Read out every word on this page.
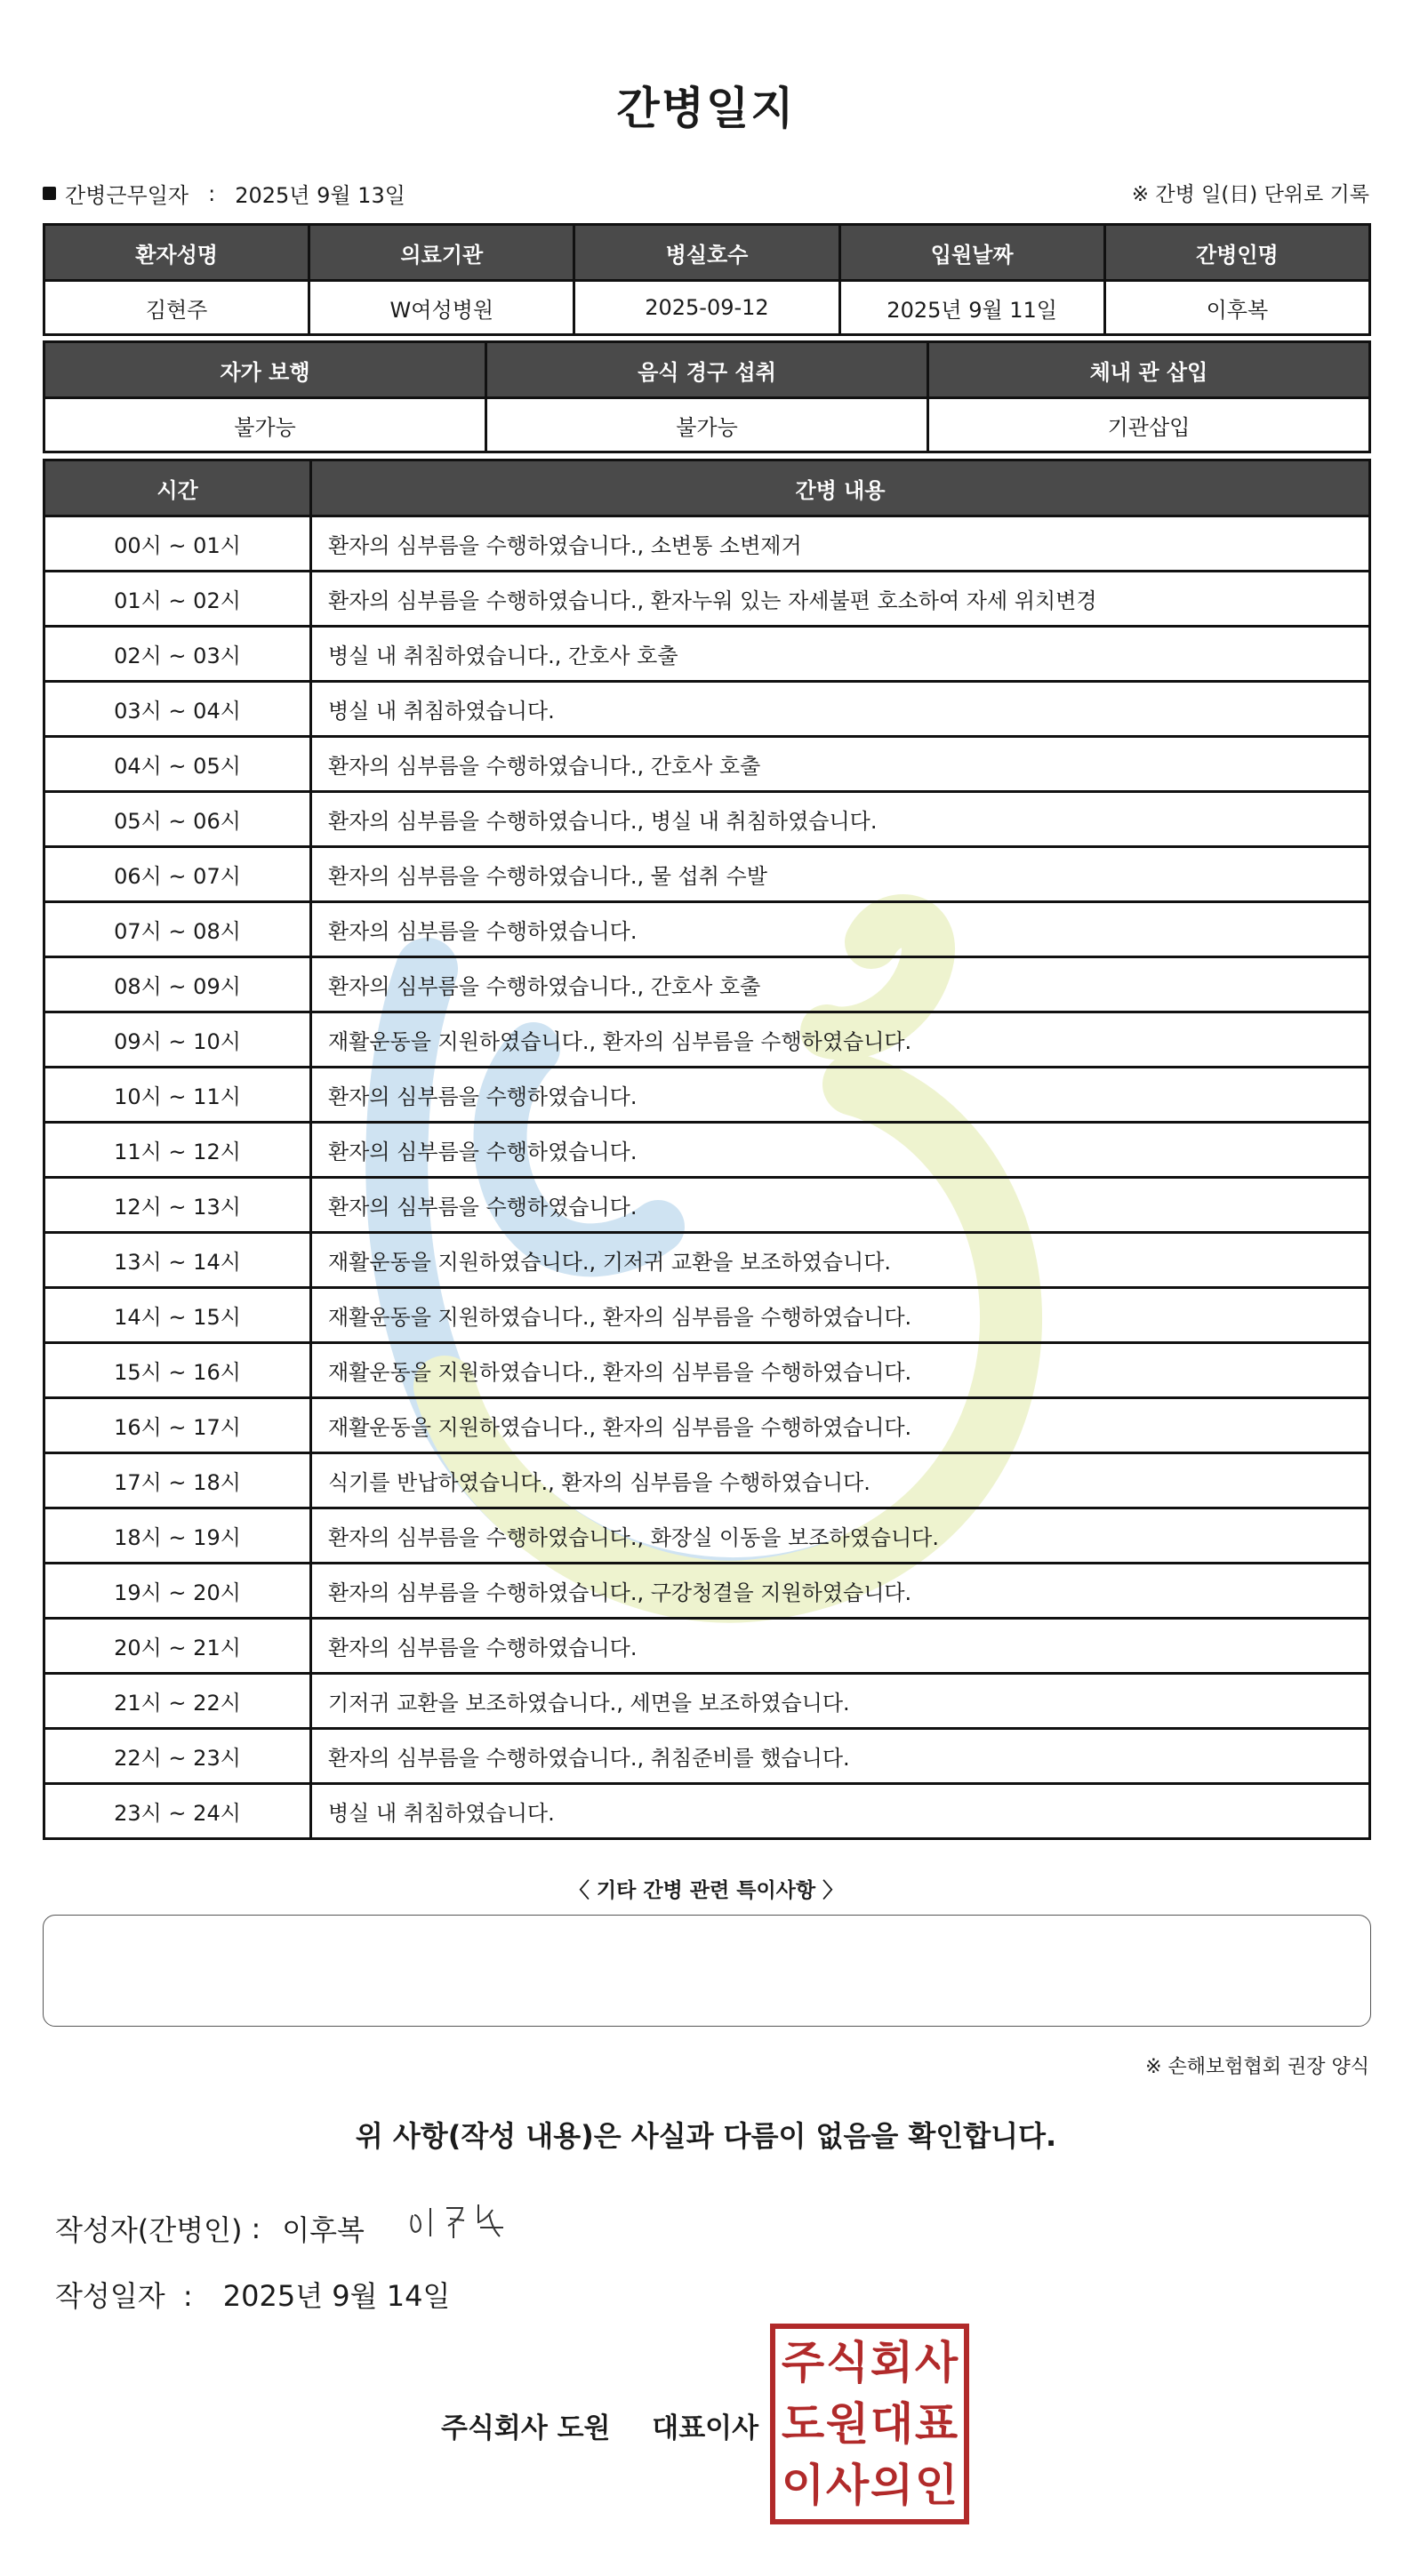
간병일지
간병근무일자 : 2025년 9월 13일	※ 간병 일(日) 단위로 기록
환자성명	의료기관	병실호수	입원날짜	간병인명
김현주	W여성병원	2025-09-12	2025년 9월 11일	이후복
자가 보행	음식 경구 섭취	체내 관 삽입
불가능	불가능	기관삽입
시간	간병 내용
00시 ~ 01시	환자의 심부름을 수행하였습니다., 소변통 소변제거
01시 ~ 02시	환자의 심부름을 수행하였습니다., 환자누워 있는 자세불편 호소하여 자세 위치변경
02시 ~ 03시	병실 내 취침하였습니다., 간호사 호출
03시 ~ 04시	병실 내 취침하였습니다.
04시 ~ 05시	환자의 심부름을 수행하였습니다., 간호사 호출
05시 ~ 06시	환자의 심부름을 수행하였습니다., 병실 내 취침하였습니다.
06시 ~ 07시	환자의 심부름을 수행하였습니다., 물 섭취 수발
07시 ~ 08시	환자의 심부름을 수행하였습니다.
08시 ~ 09시	환자의 심부름을 수행하였습니다., 간호사 호출
09시 ~ 10시	재활운동을 지원하였습니다., 환자의 심부름을 수행하였습니다.
10시 ~ 11시	환자의 심부름을 수행하였습니다.
11시 ~ 12시	환자의 심부름을 수행하였습니다.
12시 ~ 13시	환자의 심부름을 수행하였습니다.
13시 ~ 14시	재활운동을 지원하였습니다., 기저귀 교환을 보조하였습니다.
14시 ~ 15시	재활운동을 지원하였습니다., 환자의 심부름을 수행하였습니다.
15시 ~ 16시	재활운동을 지원하였습니다., 환자의 심부름을 수행하였습니다.
16시 ~ 17시	재활운동을 지원하였습니다., 환자의 심부름을 수행하였습니다.
17시 ~ 18시	식기를 반납하였습니다., 환자의 심부름을 수행하였습니다.
18시 ~ 19시	환자의 심부름을 수행하였습니다., 화장실 이동을 보조하였습니다.
19시 ~ 20시	환자의 심부름을 수행하였습니다., 구강청결을 지원하였습니다.
20시 ~ 21시	환자의 심부름을 수행하였습니다.
21시 ~ 22시	기저귀 교환을 보조하였습니다., 세면을 보조하였습니다.
22시 ~ 23시	환자의 심부름을 수행하였습니다., 취침준비를 했습니다.
23시 ~ 24시	병실 내 취침하였습니다.
〈 기타 간병 관련 특이사항 〉
※ 손해보험협회 권장 양식
위 사항(작성 내용)은 사실과 다름이 없음을 확인합니다.
작성자(간병인) : 이후복
작성일자 : 2025년 9월 14일
주식회사 도원 대표이사
주 식 회 사
도 원 대 표
이 사 의 인
